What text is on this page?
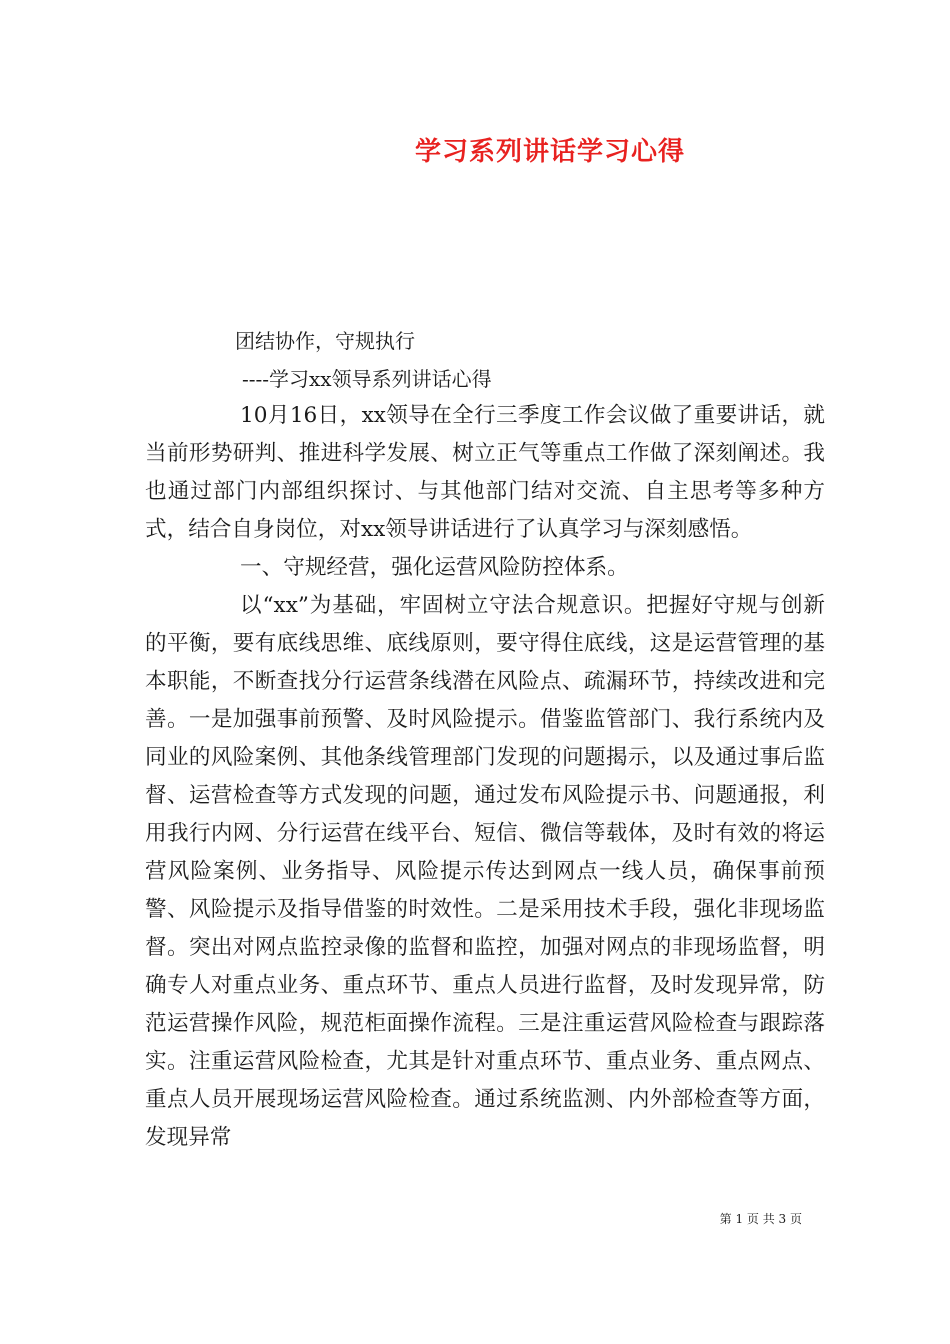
学习系列讲话学习心得
团结协作，守规执行
----学习xx领导系列讲话心得

10月16日，xx领导在全行三季度工作会议做了重要讲话，就当前形势研判、推进科学发展、树立正气等重点工作做了深刻阐述。我也通过部门内部组织探讨、与其他部门结对交流、自主思考等多种方式，结合自身岗位，对xx领导讲话进行了认真学习与深刻感悟。

一、守规经营，强化运营风险防控体系。

以“xx”为基础，牢固树立守法合规意识。把握好守规与创新的平衡，要有底线思维、底线原则，要守得住底线，这是运营管理的基本职能，不断查找分行运营条线潜在风险点、疏漏环节，持续改进和完善。一是加强事前预警、及时风险提示。借鉴监管部门、我行系统内及同业的风险案例、其他条线管理部门发现的问题揭示，以及通过事后监督、运营检查等方式发现的问题，通过发布风险提示书、问题通报，利用我行内网、分行运营在线平台、短信、微信等载体，及时有效的将运营风险案例、业务指导、风险提示传达到网点一线人员，确保事前预警、风险提示及指导借鉴的时效性。二是采用技术手段，强化非现场监督。突出对网点监控录像的监督和监控，加强对网点的非现场监督，明确专人对重点业务、重点环节、重点人员进行监督，及时发现异常，防范运营操作风险，规范柜面操作流程。三是注重运营风险检查与跟踪落实。注重运营风险检查，尤其是针对重点环节、重点业务、重点网点、重点人员开展现场运营风险检查。通过系统监测、内外部检查等方面，发现异常

第 1 页 共 3 页
